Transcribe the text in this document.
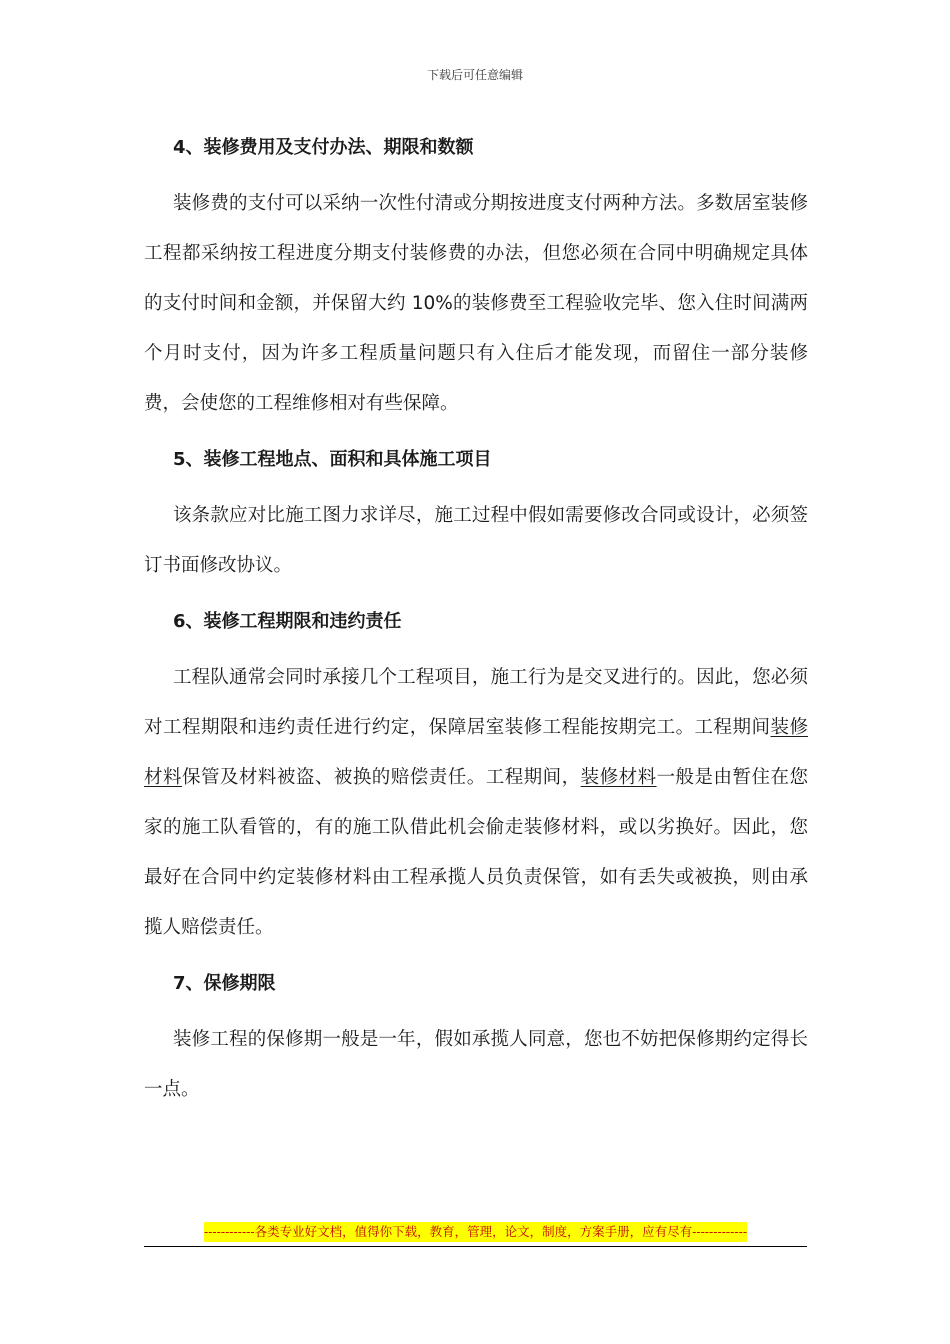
下载后可任意编辑

4、装修费用及支付办法、期限和数额

装修费的支付可以采纳一次性付清或分期按进度支付两种方法。多数居室装修工程都采纳按工程进度分期支付装修费的办法，但您必须在合同中明确规定具体的支付时间和金额，并保留大约 10%的装修费至工程验收完毕、您入住时间满两个月时支付，因为许多工程质量问题只有入住后才能发现，而留住一部分装修费，会使您的工程维修相对有些保障。

5、装修工程地点、面积和具体施工项目

该条款应对比施工图力求详尽，施工过程中假如需要修改合同或设计，必须签订书面修改协议。

6、装修工程期限和违约责任

工程队通常会同时承接几个工程项目，施工行为是交叉进行的。因此，您必须对工程期限和违约责任进行约定，保障居室装修工程能按期完工。工程期间装修材料保管及材料被盗、被换的赔偿责任。工程期间，装修材料一般是由暂住在您家的施工队看管的，有的施工队借此机会偷走装修材料，或以劣换好。因此，您最好在合同中约定装修材料由工程承揽人员负责保管，如有丢失或被换，则由承揽人赔偿责任。

7、保修期限

装修工程的保修期一般是一年，假如承揽人同意，您也不妨把保修期约定得长一点。

------------各类专业好文档，值得你下载，教育，管理，论文，制度，方案手册，应有尽有-------------
